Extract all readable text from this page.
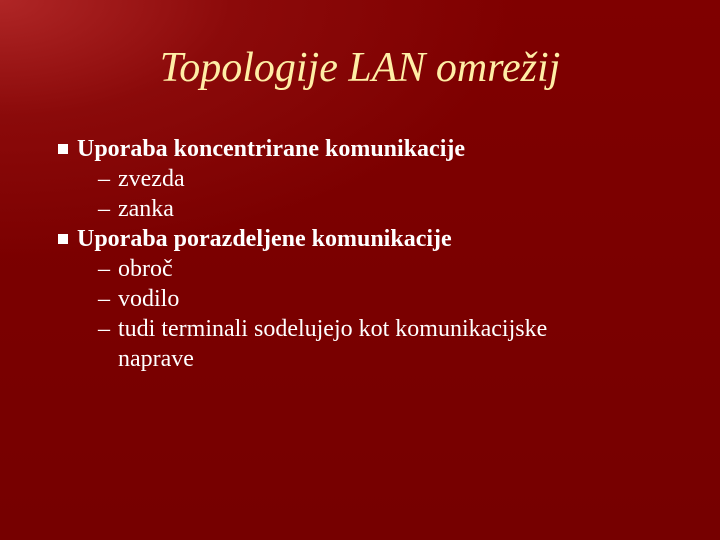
Topologije LAN omrežij
Uporaba koncentrirane komunikacije
– zvezda
– zanka
Uporaba porazdeljene komunikacije
– obroč
– vodilo
– tudi terminali sodelujejo kot komunikacijske
naprave
